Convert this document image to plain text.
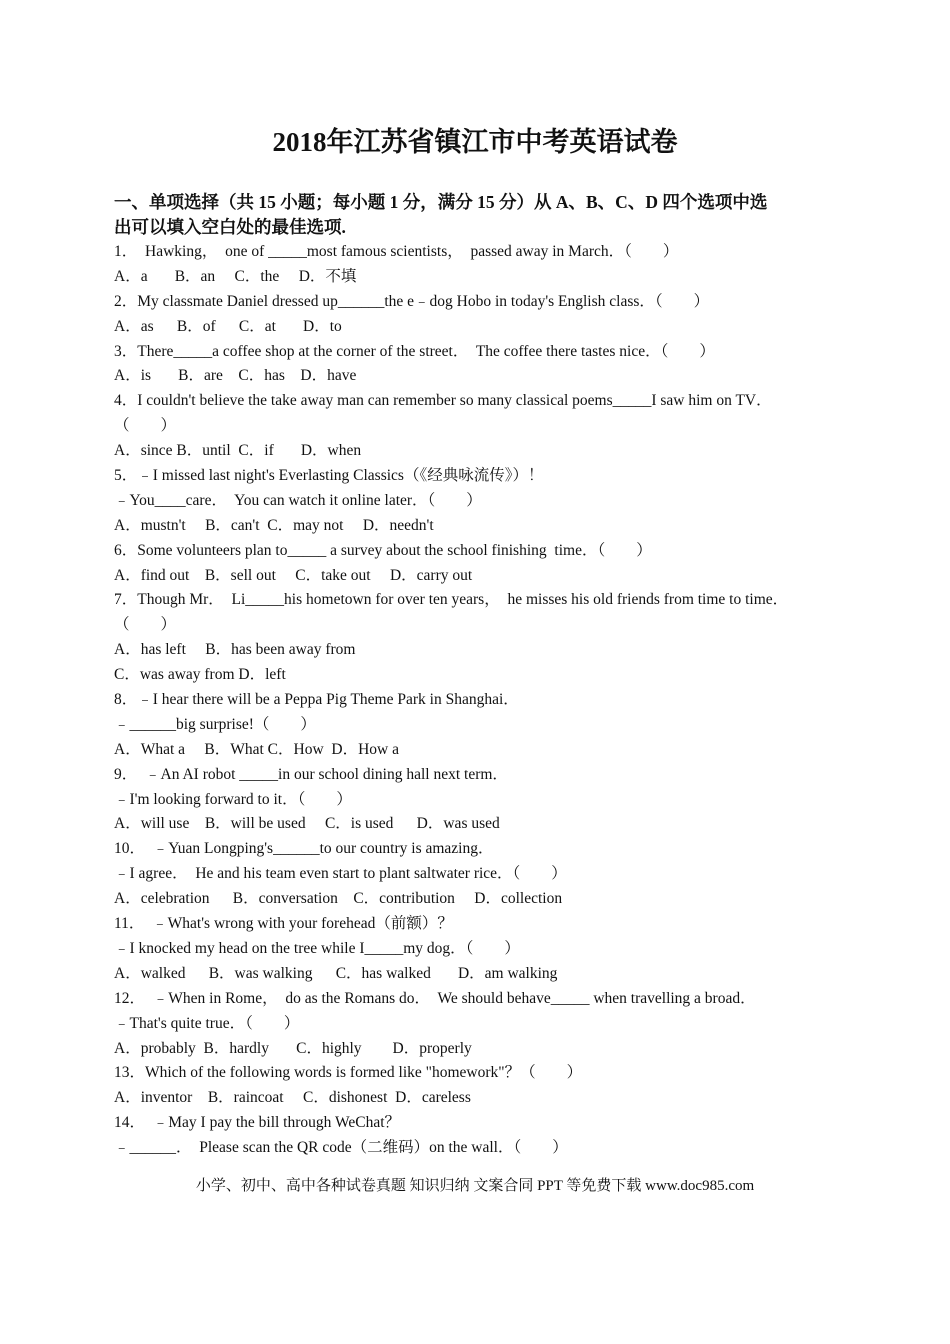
2018年江苏省镇江市中考英语试卷
一、单项选择（共 15 小题；每小题 1 分，满分 15 分）从 A、B、C、D 四个选项中选
出可以填入空白处的最佳选项.
1．  Hawking，  one of _____most famous scientists，  passed away in March．（        ）
A．a       B．an     C．the     D．不填
2．My classmate Daniel dressed up______the e﹣dog Hobo in today's English class．（        ）
A．as      B．of      C．at       D．to
3．There_____a coffee shop at the corner of the street．  The coffee there tastes nice．（        ）
A．is       B．are    C．has    D．have
4．I couldn't believe the take away man can remember so many classical poems_____I saw him on TV．
（        ）
A．since B．until  C．if       D．when
5．﹣I missed last night's Everlasting Classics（《经典咏流传》）！
﹣You____care．  You can watch it online later．（        ）
A．mustn't     B．can't  C．may not     D．needn't
6．Some volunteers plan to_____ a survey about the school finishing  time．（        ）
A．find out    B．sell out     C．take out     D．carry out
7．Though Mr．  Li_____his hometown for over ten years，  he misses his old friends from time to time．
（        ）
A．has left     B．has been away from
C．was away from D．left
8．﹣I hear there will be a Peppa Pig Theme Park in Shanghai．
﹣______big surprise!（        ）
A．What a     B．What C．How  D．How a
9．  ﹣An AI robot _____in our school dining hall next term．
﹣I'm looking forward to it．（        ）
A．will use    B．will be used     C．is used      D．was used
10．  ﹣Yuan Longping's______to our country is amazing．
﹣I agree．  He and his team even start to plant saltwater rice．（        ）
A．celebration      B．conversation    C．contribution     D．collection
11．  ﹣What's wrong with your forehead（前额）？
﹣I knocked my head on the tree while I_____my dog．（        ）
A．walked      B．was walking      C．has walked       D．am walking
12．  ﹣When in Rome，  do as the Romans do．  We should behave_____ when travelling a broad．
﹣That's quite true．（        ）
A．probably  B．hardly       C．highly        D．properly
13．Which of the following words is formed like "homework"？（        ）
A．inventor    B．raincoat     C．dishonest  D．careless
14．  ﹣May I pay the bill through WeChat？
﹣______．  Please scan the QR code（二维码）on the wall．（        ）
小学、初中、高中各种试卷真题 知识归纳 文案合同 PPT 等免费下载 www.doc985.com
